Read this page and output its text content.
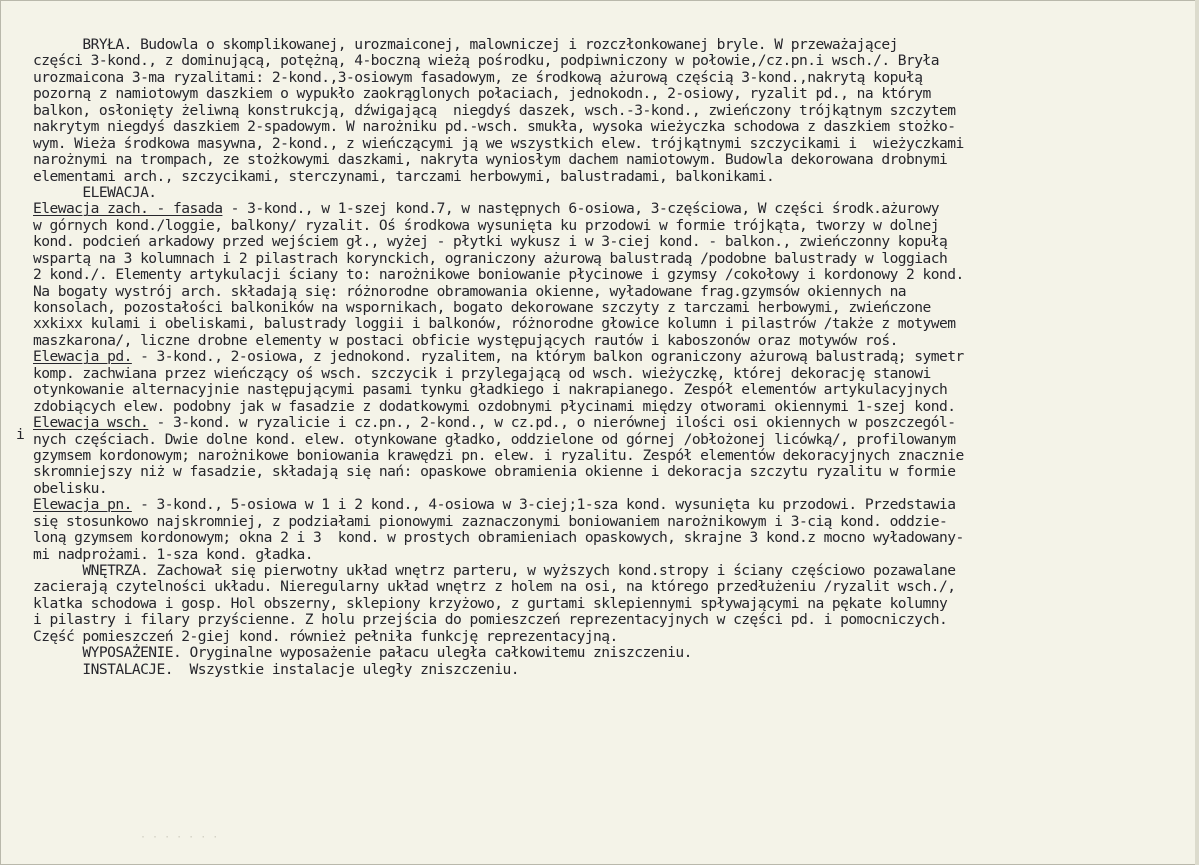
i
· · · · · · ·
BRYŁA. Budowla o skomplikowanej, urozmaiconej, malowniczej i rozczłonkowanej bryle. W przeważającej
części 3-kond., z dominującą, potężną, 4-boczną wieżą pośrodku, podpiwniczony w połowie,/cz.pn.i wsch./. Bryła
urozmaicona 3-ma ryzalitami: 2-kond.,3-osiowym fasadowym, ze środkową ażurową częścią 3-kond.,nakrytą kopułą
pozorną z namiotowym daszkiem o wypukło zaokrąglonych połaciach, jednokodn., 2-osiowy, ryzalit pd., na którym
balkon, osłonięty żeliwną konstrukcją, dźwigającą  niegdyś daszek, wsch.-3-kond., zwieńczony trójkątnym szczytem
nakrytym niegdyś daszkiem 2-spadowym. W narożniku pd.-wsch. smukła, wysoka wieżyczka schodowa z daszkiem stożko-
wym. Wieża środkowa masywna, 2-kond., z wieńczącymi ją we wszystkich elew. trójkątnymi szczycikami i  wieżyczkami
narożnymi na trompach, ze stożkowymi daszkami, nakryta wyniosłym dachem namiotowym. Budowla dekorowana drobnymi
elementami arch., szczycikami, sterczynami, tarczami herbowymi, balustradami, balkonikami.
ELEWACJA.
Elewacja zach. - fasada - 3-kond., w 1-szej kond.7, w następnych 6-osiowa, 3-częściowa, W części środk.ażurowy
w górnych kond./loggie, balkony/ ryzalit. Oś środkowa wysunięta ku przodowi w formie trójkąta, tworzy w dolnej
kond. podcień arkadowy przed wejściem gł., wyżej - płytki wykusz i w 3-ciej kond. - balkon., zwieńczonny kopułą
wspartą na 3 kolumnach i 2 pilastrach korynckich, ograniczony ażurową balustradą /podobne balustrady w loggiach
2 kond./. Elementy artykulacji ściany to: narożnikowe boniowanie płycinowe i gzymsy /cokołowy i kordonowy 2 kond.
Na bogaty wystrój arch. składają się: różnorodne obramowania okienne, wyładowane frag.gzymsów okiennych na
konsolach, pozostałości balkoników na wspornikach, bogato dekorowane szczyty z tarczami herbowymi, zwieńczone
xxkixx kulami i obeliskami, balustrady loggii i balkonów, różnorodne głowice kolumn i pilastrów /także z motywem
maszkarona/, liczne drobne elementy w postaci obficie występujących rautów i kaboszonów oraz motywów roś.
Elewacja pd. - 3-kond., 2-osiowa, z jednokond. ryzalitem, na którym balkon ograniczony ażurową balustradą; symetr
komp. zachwiana przez wieńczący oś wsch. szczycik i przylegającą od wsch. wieżyczkę, której dekorację stanowi
otynkowanie alternacyjnie następującymi pasami tynku gładkiego i nakrapianego. Zespół elementów artykulacyjnych
zdobiących elew. podobny jak w fasadzie z dodatkowymi ozdobnymi płycinami między otworami okiennymi 1-szej kond.
Elewacja wsch. - 3-kond. w ryzalicie i cz.pn., 2-kond., w cz.pd., o nierównej ilości osi okiennych w poszczegól-
nych częściach. Dwie dolne kond. elew. otynkowane gładko, oddzielone od górnej /obłożonej licówką/, profilowanym
gzymsem kordonowym; narożnikowe boniowania krawędzi pn. elew. i ryzalitu. Zespół elementów dekoracyjnych znacznie
skromniejszy niż w fasadzie, składają się nań: opaskowe obramienia okienne i dekoracja szczytu ryzalitu w formie
obelisku.
Elewacja pn. - 3-kond., 5-osiowa w 1 i 2 kond., 4-osiowa w 3-ciej;1-sza kond. wysunięta ku przodowi. Przedstawia
się stosunkowo najskromniej, z podziałami pionowymi zaznaczonymi boniowaniem narożnikowym i 3-cią kond. oddzie-
loną gzymsem kordonowym; okna 2 i 3  kond. w prostych obramieniach opaskowych, skrajne 3 kond.z mocno wyładowany-
mi nadprożami. 1-sza kond. gładka.
WNĘTRZA. Zachował się pierwotny układ wnętrz parteru, w wyższych kond.stropy i ściany częściowo pozawalane
zacierają czytelności układu. Nieregularny układ wnętrz z holem na osi, na którego przedłużeniu /ryzalit wsch./,
klatka schodowa i gosp. Hol obszerny, sklepiony krzyżowo, z gurtami sklepiennymi spływającymi na pękate kolumny
i pilastry i filary przyścienne. Z holu przejścia do pomieszczeń reprezentacyjnych w części pd. i pomocniczych.
Część pomieszczeń 2-giej kond. również pełniła funkcję reprezentacyjną.
WYPOSAŻENIE. Oryginalne wyposażenie pałacu uległa całkowitemu zniszczeniu.
INSTALACJE.  Wszystkie instalacje uległy zniszczeniu.
